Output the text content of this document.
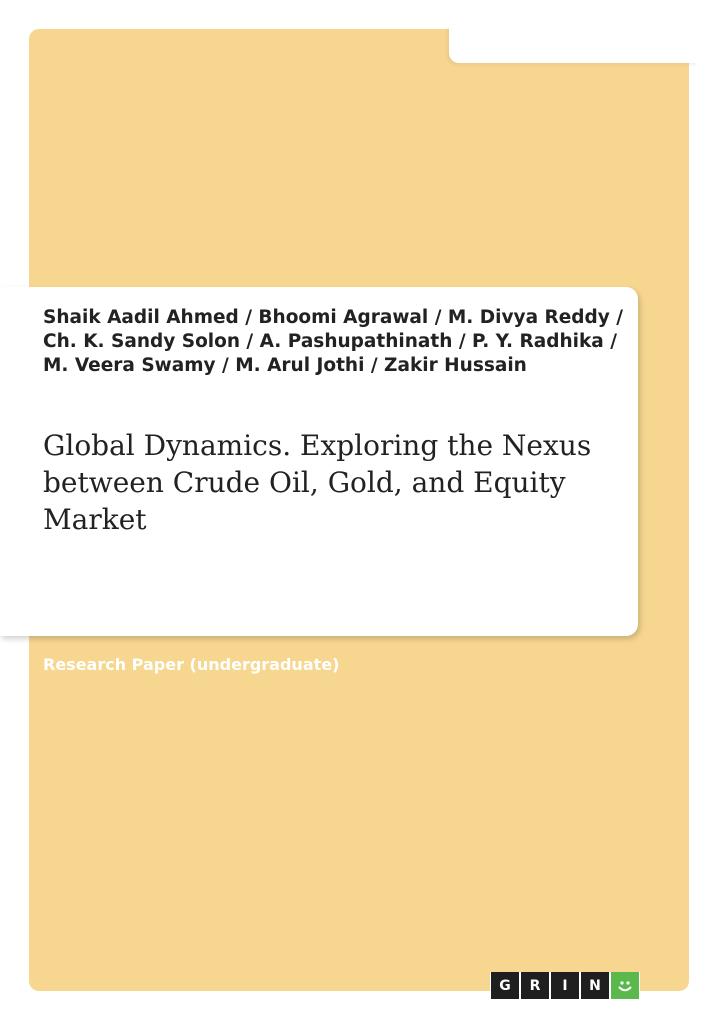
Shaik Aadil Ahmed / Bhoomi Agrawal / M. Divya Reddy / Ch. K. Sandy Solon / A. Pashupathinath / P. Y. Radhika / M. Veera Swamy / M. Arul Jothi / Zakir Hussain
Global Dynamics. Exploring the Nexus between Crude Oil, Gold, and Equity Market
Research Paper (undergraduate)
G	R	I	N
